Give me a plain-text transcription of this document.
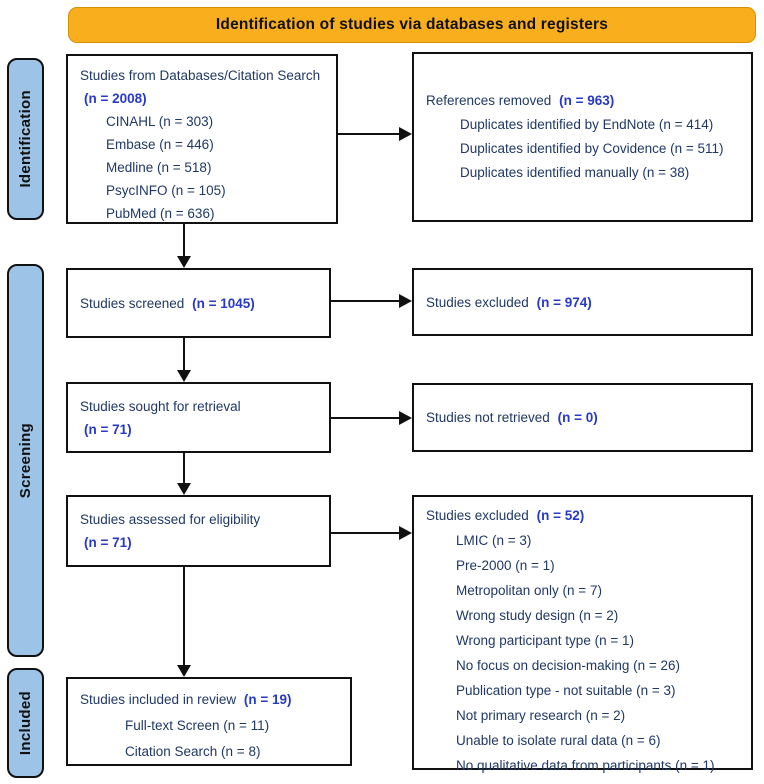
Identification of studies via databases and registers
Identification
Screening
Included
Studies from Databases/Citation Search (n = 2008)
CINAHL (n = 303)
Embase (n = 446)
Medline (n = 518)
PsycINFO (n = 105)
PubMed (n = 636)
References removed (n = 963)
Duplicates identified by EndNote (n = 414)
Duplicates identified by Covidence (n = 511)
Duplicates identified manually (n = 38)
Studies screened (n = 1045)	Studies excluded (n = 974)
Studies sought for retrieval
(n = 71)
Studies not retrieved (n = 0)
Studies assessed for eligibility
(n = 71)
Studies excluded (n = 52)
LMIC (n = 3)
Pre-2000 (n = 1)
Metropolitan only (n = 7)
Wrong study design (n = 2)
Wrong participant type (n = 1)
No focus on decision-making (n = 26)
Publication type - not suitable (n = 3)
Not primary research (n = 2)
Unable to isolate rural data (n = 6)
No qualitative data from participants (n = 1)
Studies included in review (n = 19)
Full-text Screen (n = 11)
Citation Search (n = 8)
